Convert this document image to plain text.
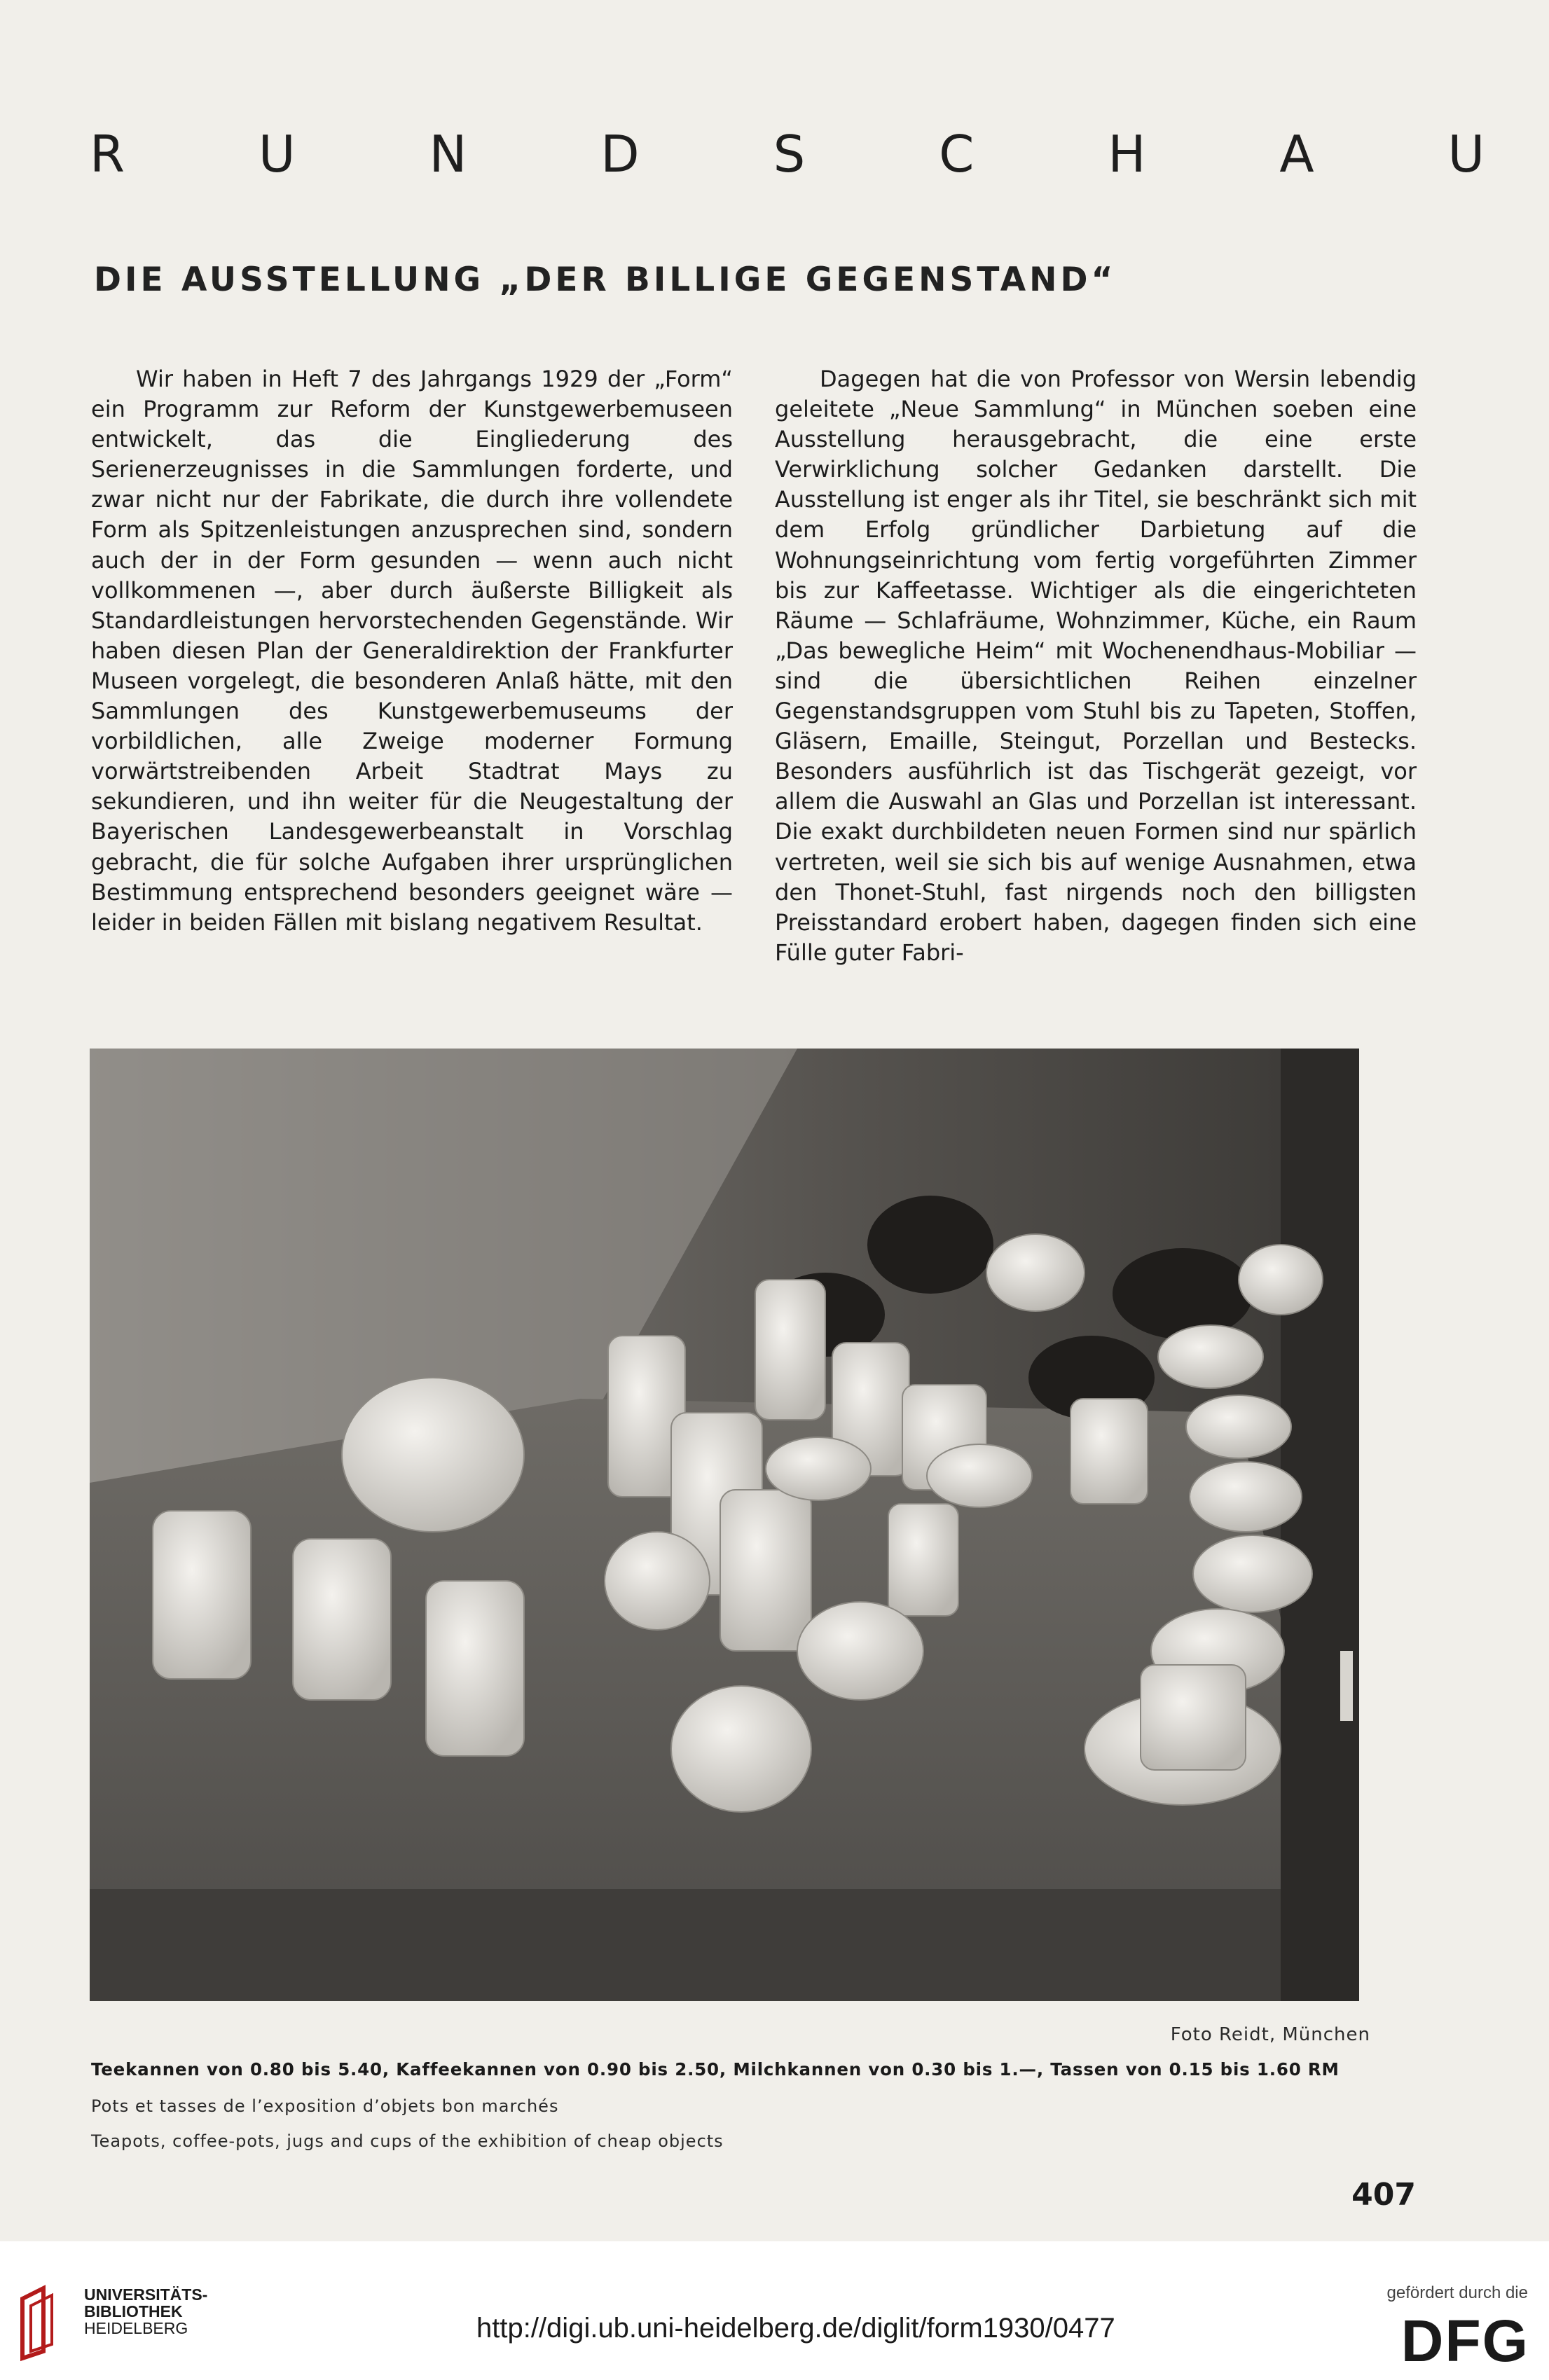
R U N D S C H A U
DIE AUSSTELLUNG „DER BILLIGE GEGENSTAND“

Wir haben in Heft 7 des Jahrgangs 1929 der „Form“ ein Programm zur Reform der Kunstgewerbemuseen entwickelt, das die Eingliederung des Serienerzeugnisses in die Sammlungen forderte, und zwar nicht nur der Fabrikate, die durch ihre vollendete Form als Spitzenleistungen anzusprechen sind, sondern auch der in der Form gesunden — wenn auch nicht vollkommenen —, aber durch äußerste Billigkeit als Standardleistungen hervorstechenden Gegenstände. Wir haben diesen Plan der Generaldirektion der Frankfurter Museen vorgelegt, die besonderen Anlaß hätte, mit den Sammlungen des Kunstgewerbemuseums der vorbildlichen, alle Zweige moderner Formung vorwärtstreibenden Arbeit Stadtrat Mays zu sekundieren, und ihn weiter für die Neugestaltung der Bayerischen Landesgewerbeanstalt in Vorschlag gebracht, die für solche Aufgaben ihrer ursprünglichen Bestimmung entsprechend besonders geeignet wäre — leider in beiden Fällen mit bislang negativem Resultat.

Dagegen hat die von Professor von Wersin lebendig geleitete „Neue Sammlung“ in München soeben eine Ausstellung herausgebracht, die eine erste Verwirklichung solcher Gedanken darstellt. Die Ausstellung ist enger als ihr Titel, sie beschränkt sich mit dem Erfolg gründlicher Darbietung auf die Wohnungseinrichtung vom fertig vorgeführten Zimmer bis zur Kaffeetasse. Wichtiger als die eingerichteten Räume — Schlafräume, Wohnzimmer, Küche, ein Raum „Das bewegliche Heim“ mit Wochenendhaus-Mobiliar — sind die übersichtlichen Reihen einzelner Gegenstandsgruppen vom Stuhl bis zu Tapeten, Stoffen, Gläsern, Emaille, Steingut, Porzellan und Bestecks. Besonders ausführlich ist das Tischgerät gezeigt, vor allem die Auswahl an Glas und Porzellan ist interessant. Die exakt durchbildeten neuen Formen sind nur spärlich vertreten, weil sie sich bis auf wenige Ausnahmen, etwa den Thonet-Stuhl, fast nirgends noch den billigsten Preisstandard erobert haben, dagegen finden sich eine Fülle guter Fabri-

Foto Reidt, München
Teekannen von 0.80 bis 5.40, Kaffeekannen von 0.90 bis 2.50, Milchkannen von 0.30 bis 1.—, Tassen von 0.15 bis 1.60 RM
Pots et tasses de l’exposition d’objets bon marchés
Teapots, coffee-pots, jugs and cups of the exhibition of cheap objects
407
UNIVERSITÄTS-
BIBLIOTHEK
HEIDELBERG	http://digi.ub.uni-heidelberg.de/diglit/form1930/0477
gefördert durch die
DFG
